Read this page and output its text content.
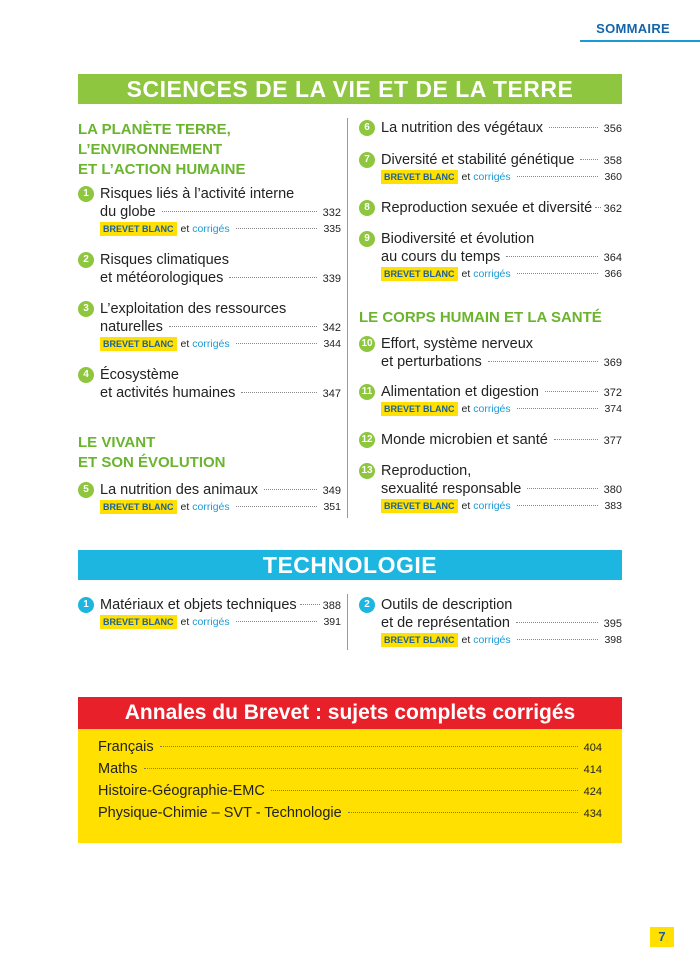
SOMMAIRE
SCIENCES DE LA VIE ET DE LA TERRE
LA PLANÈTE TERRE,
L’ENVIRONNEMENT
ET L’ACTION HUMAINE
LE VIVANT
ET SON ÉVOLUTION
LE CORPS HUMAIN ET LA SANTÉ
1 Risques liés à l’activité interne
du globe	332
BREVET BLANC et corrigés	335
2 Risques climatiques
et météorologiques	339
3 L’exploitation des ressources
naturelles	342
BREVET BLANC et corrigés	344
4 Écosystème
et activités humaines	347
5 La nutrition des animaux	349
BREVET BLANC et corrigés	351
6 La nutrition des végétaux	356
7 Diversité et stabilité génétique	358
BREVET BLANC et corrigés	360
8 Reproduction sexuée et diversité 362
9 Biodiversité et évolution
au cours du temps	364
BREVET BLANC et corrigés	366
10 Effort, système nerveux
et perturbations	369
11 Alimentation et digestion	372
BREVET BLANC et corrigés	374
12 Monde microbien et santé	377
13 Reproduction,
sexualité responsable	380
BREVET BLANC et corrigés	383
TECHNOLOGIE
1 Matériaux et objets techniques 388
BREVET BLANC et corrigés	391
2 Outils de description
et de représentation	395
BREVET BLANC et corrigés	398
Annales du Brevet : sujets complets corrigés
Français	404
Maths	414
Histoire-Géographie-EMC	424
Physique-Chimie – SVT - Technologie	434
7
